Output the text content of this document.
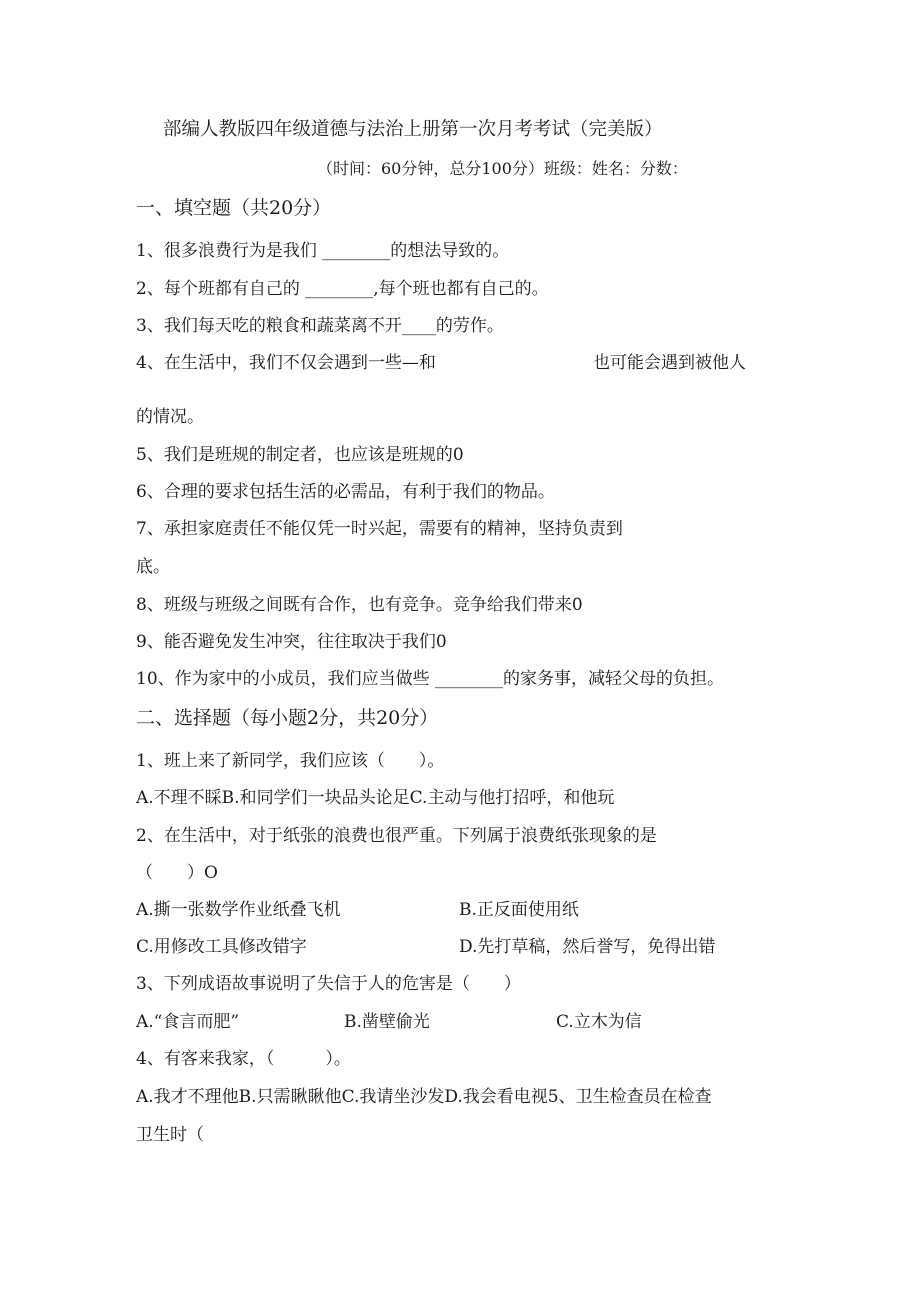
部编人教版四年级道德与法治上册第一次月考考试（完美版）
（时间：60分钟，总分100分）班级：姓名：分数：
一、填空题（共20分）
1、很多浪费行为是我们 ________的想法导致的。
2、每个班都有自己的 ________,每个班也都有自己的。
3、我们每天吃的粮食和蔬菜离不开____的劳作。
4、在生活中，我们不仅会遇到一些—和	也可能会遇到被他人
的情况。
5、我们是班规的制定者，也应该是班规的0
6、合理的要求包括生活的必需品，有利于我们的物品。
7、承担家庭责任不能仅凭一时兴起，需要有的精神，坚持负责到
底。
8、班级与班级之间既有合作，也有竞争。竞争给我们带来0
9、能否避免发生冲突，往往取决于我们0
10、作为家中的小成员，我们应当做些 ________的家务事，减轻父母的负担。
二、选择题（每小题2分，共20分）
1、班上来了新同学，我们应该（　　）。
A.不理不睬B.和同学们一块品头论足C.主动与他打招呼，和他玩
2、在生活中，对于纸张的浪费也很严重。下列属于浪费纸张现象的是
（　　）O
A.撕一张数学作业纸叠飞机	B.正反面使用纸
C.用修改工具修改错字	D.先打草稿，然后誉写，免得出错
3、下列成语故事说明了失信于人的危害是（　　）
A.“食言而肥”	B.凿壁偷光	C.立木为信
4、有客来我家，（　　　）。
A.我才不理他B.只需瞅瞅他C.我请坐沙发D.我会看电视5、卫生检查员在检查
卫生时（
